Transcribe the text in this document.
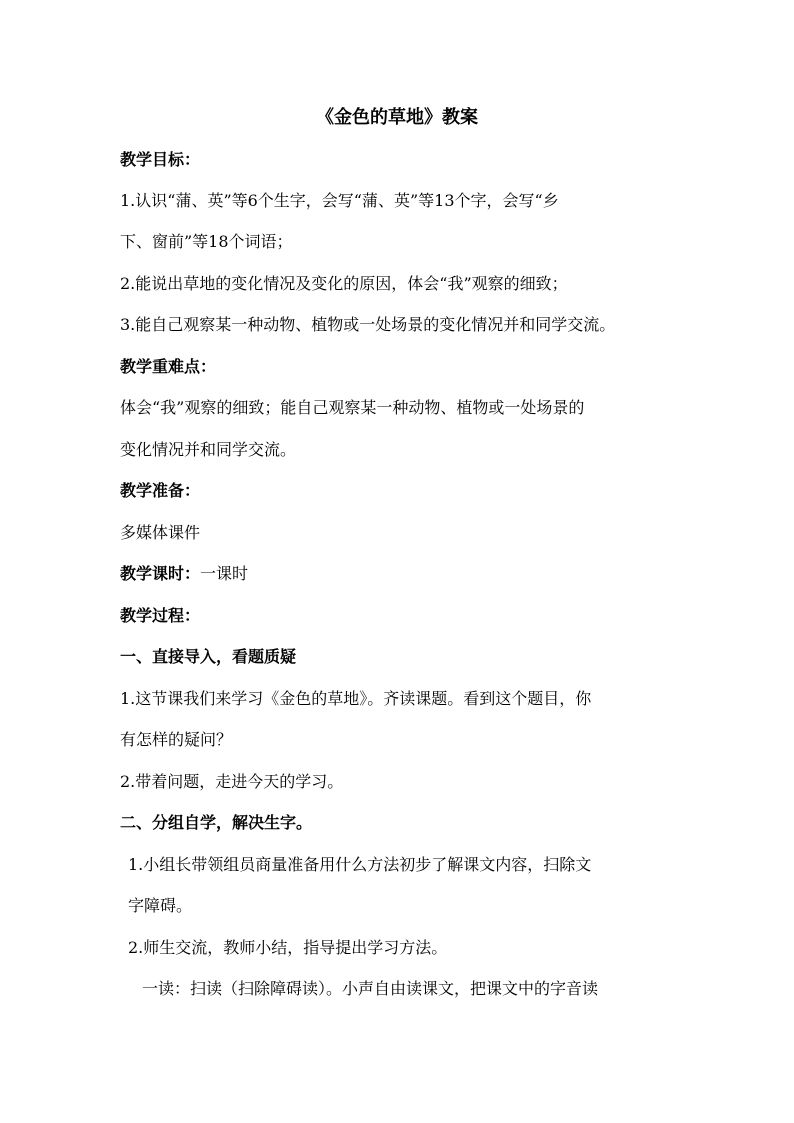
《金色的草地》教案
教学目标：
1.认识“蒲、英”等6个生字，会写“蒲、英”等13个字，会写“乡
下、窗前”等18个词语；
2.能说出草地的变化情况及变化的原因，体会“我”观察的细致；
3.能自己观察某一种动物、植物或一处场景的变化情况并和同学交流。
教学重难点：
体会“我”观察的细致；能自己观察某一种动物、植物或一处场景的
变化情况并和同学交流。
教学准备：
多媒体课件
教学课时：一课时
教学过程：
一、直接导入，看题质疑
1.这节课我们来学习《金色的草地》。齐读课题。看到这个题目，你
有怎样的疑问？
2.带着问题，走进今天的学习。
二、分组自学，解决生字。
1.小组长带领组员商量准备用什么方法初步了解课文内容，扫除文
字障碍。
2.师生交流，教师小结，指导提出学习方法。
一读：扫读（扫除障碍读）。小声自由读课文，把课文中的字音读
